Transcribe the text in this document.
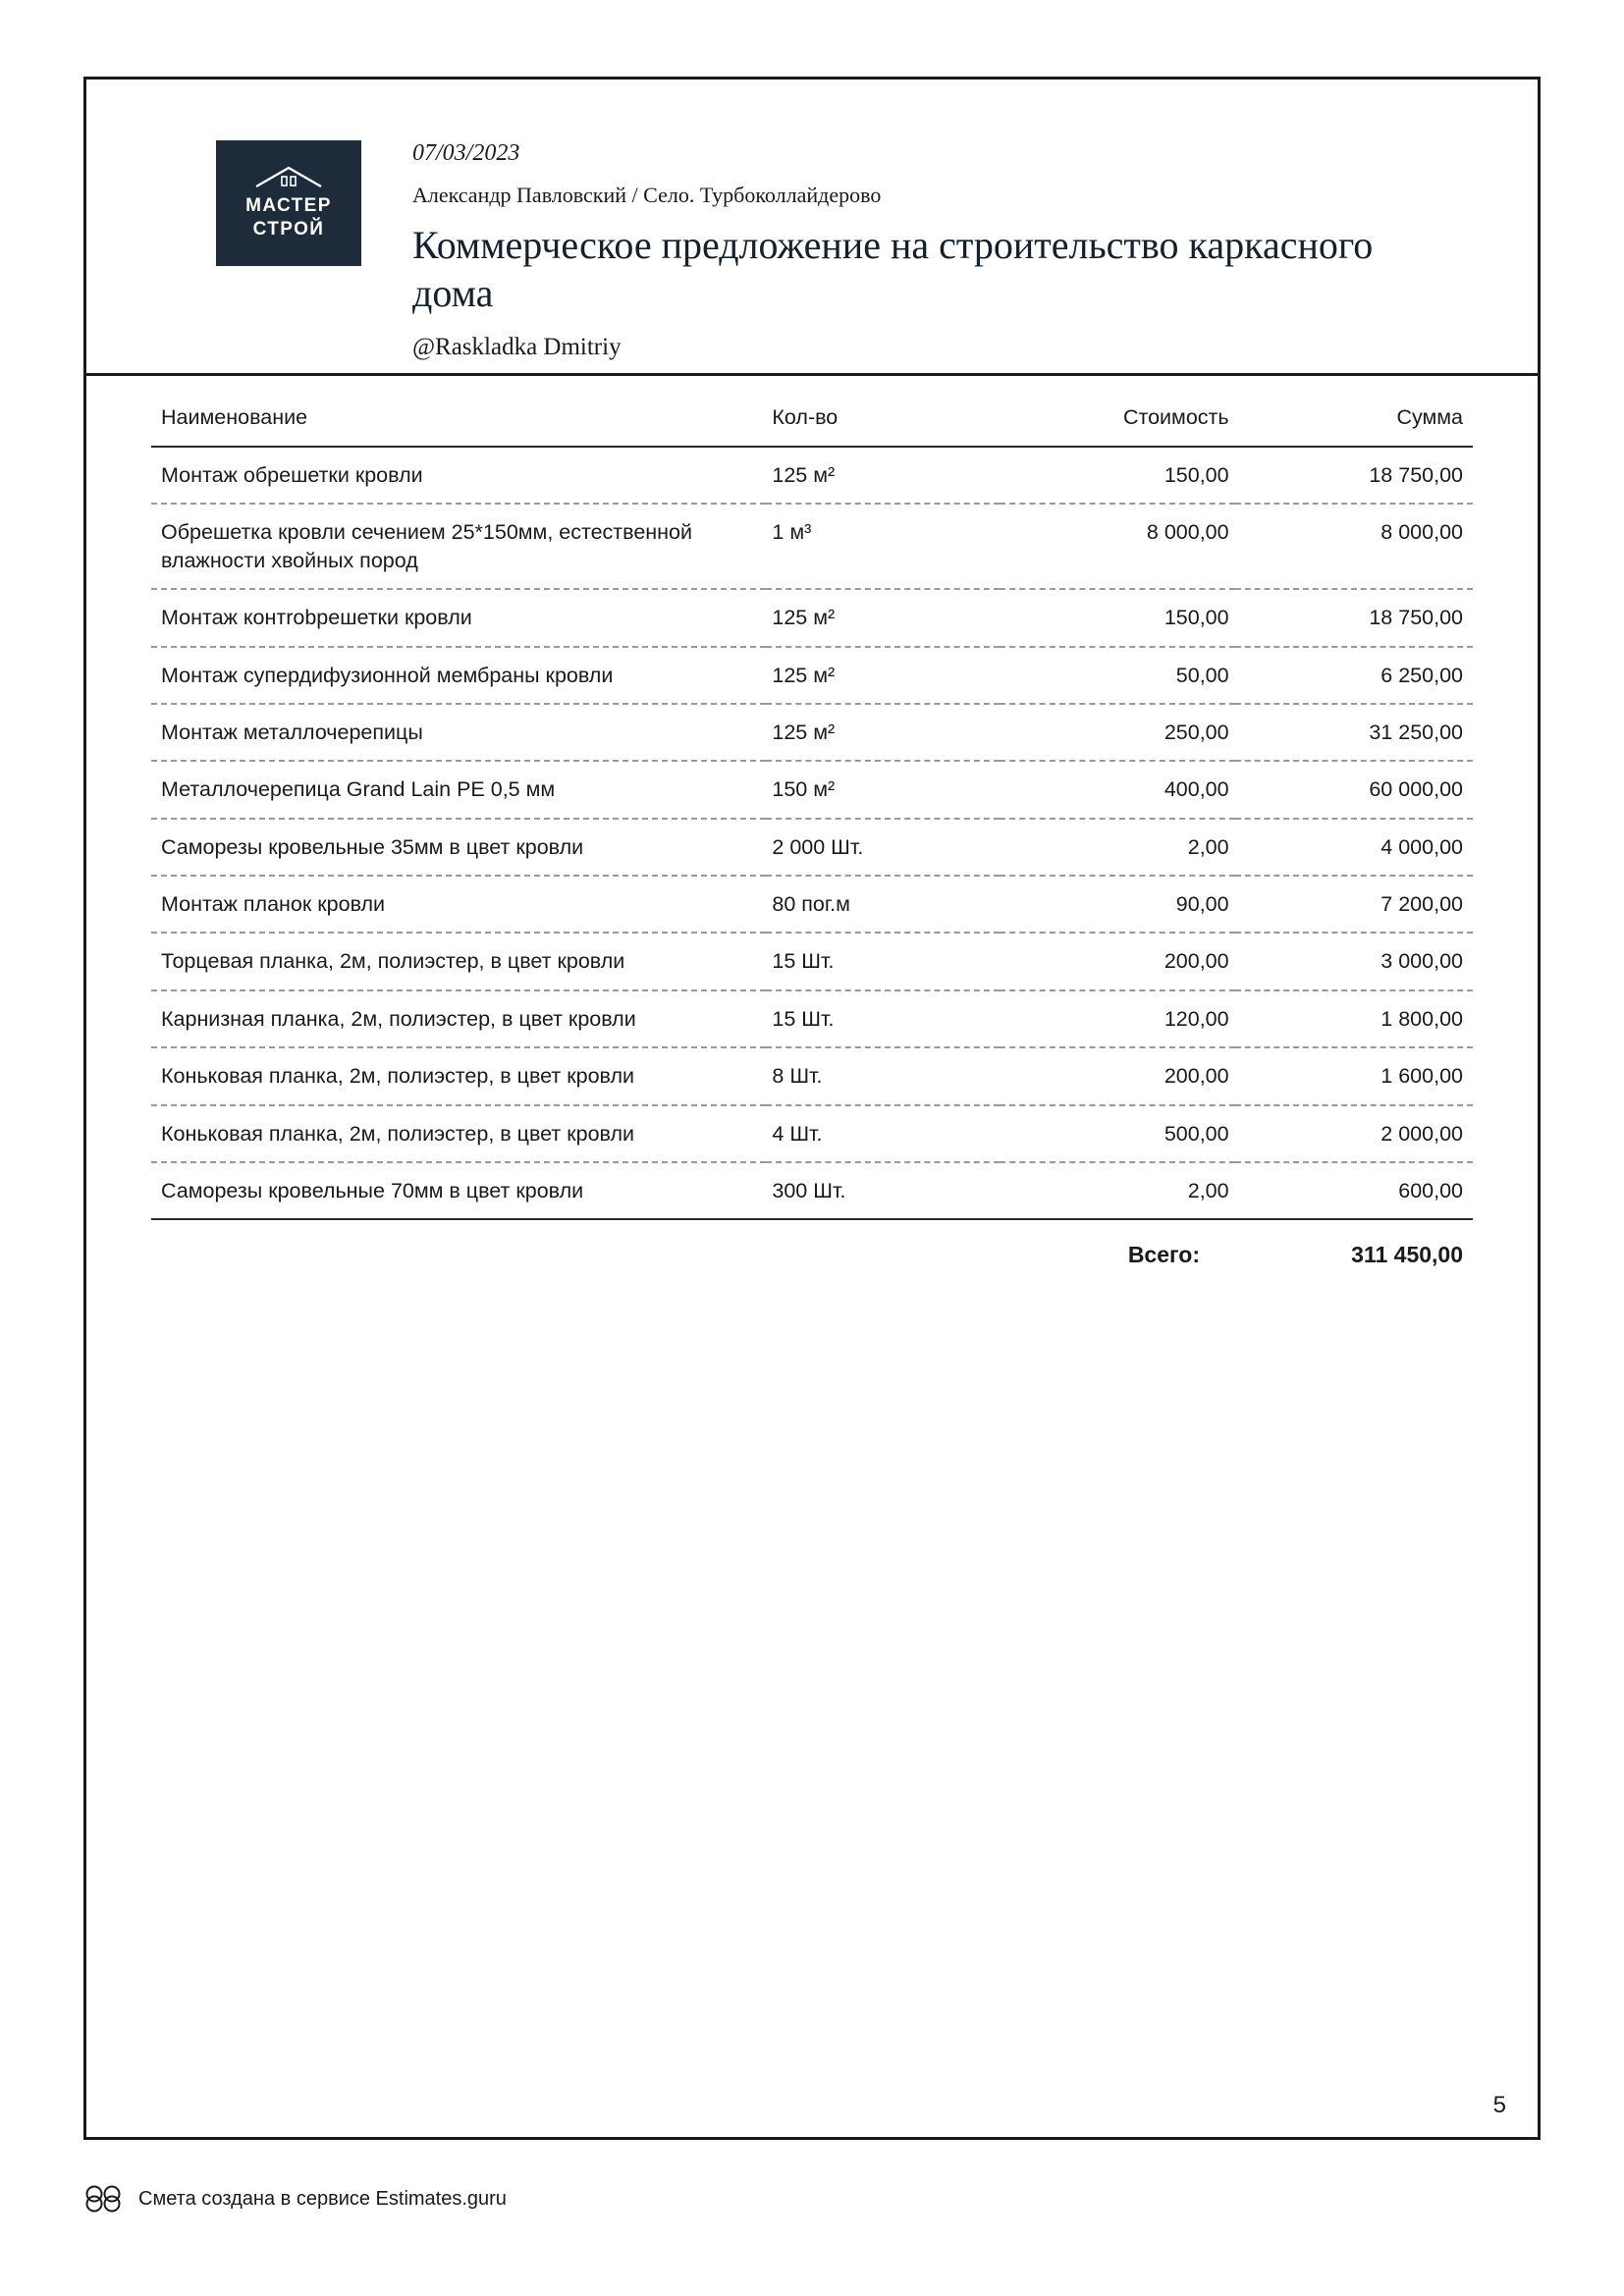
МАСТЕР
СТРОЙ
07/03/2023
Александр Павловский / Село. Турбоколлайдерово
Коммерческое предложение на строительство каркасного дома
@Raskladka Dmitriy
Наименование	Кол-во	Стоимость	Сумма
Монтаж обрешетки кровли	125 м²	150,00	18 750,00
Обрешетка кровли сечением 25*150мм, естественной влажности хвойных пород	1 м³	8 000,00	8 000,00
Монтаж контrobрешетки кровли	125 м²	150,00	18 750,00
Монтаж супердифузионной мембраны кровли	125 м²	50,00	6 250,00
Монтаж металлочерепицы	125 м²	250,00	31 250,00
Металлочерепица Grand Lain PE 0,5 мм	150 м²	400,00	60 000,00
Саморезы кровельные 35мм в цвет кровли	2 000 Шт.	2,00	4 000,00
Монтаж планок кровли	80 пог.м	90,00	7 200,00
Торцевая планка, 2м, полиэстер, в цвет кровли	15 Шт.	200,00	3 000,00
Карнизная планка, 2м, полиэстер, в цвет кровли	15 Шт.	120,00	1 800,00
Коньковая планка, 2м, полиэстер, в цвет кровли	8 Шт.	200,00	1 600,00
Коньковая планка, 2м, полиэстер, в цвет кровли	4 Шт.	500,00	2 000,00
Саморезы кровельные 70мм в цвет кровли	300 Шт.	2,00	600,00
Всего:	311 450,00
5
Смета создана в сервисе Estimates.guru
